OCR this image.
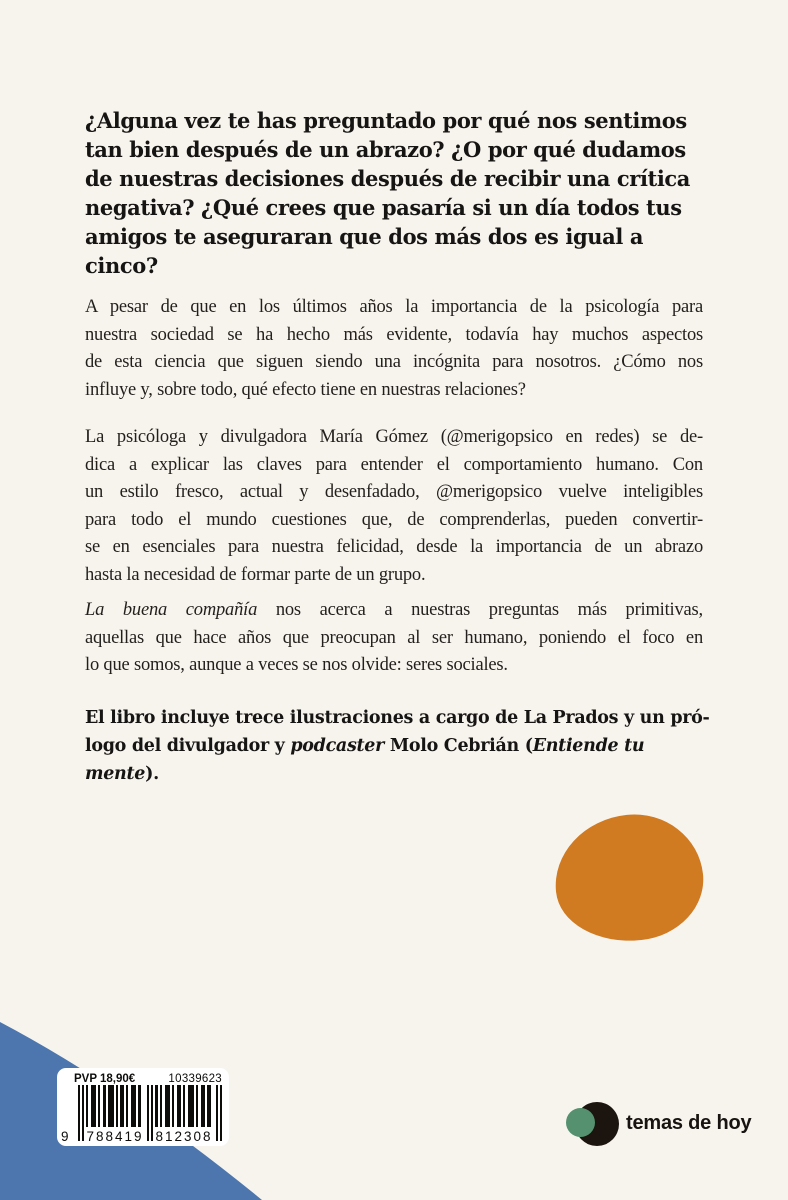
¿Alguna vez te has preguntado por qué nos sentimos
tan bien después de un abrazo? ¿O por qué dudamos
de nuestras decisiones después de recibir una crítica
negativa? ¿Qué crees que pasaría si un día todos tus
amigos te aseguraran que dos más dos es igual a cinco?
A pesar de que en los últimos años la importancia de la psicología para
nuestra sociedad se ha hecho más evidente, todavía hay muchos aspectos
de esta ciencia que siguen siendo una incógnita para nosotros. ¿Cómo nos
influye y, sobre todo, qué efecto tiene en nuestras relaciones?
La psicóloga y divulgadora María Gómez (@merigopsico en redes) se de-
dica a explicar las claves para entender el comportamiento humano. Con
un estilo fresco, actual y desenfadado, @merigopsico vuelve inteligibles
para todo el mundo cuestiones que, de comprenderlas, pueden convertir-
se en esenciales para nuestra felicidad, desde la importancia de un abrazo
hasta la necesidad de formar parte de un grupo.
La buena compañía nos acerca a nuestras preguntas más primitivas,
aquellas que hace años que preocupan al ser humano, poniendo el foco en
lo que somos, aunque a veces se nos olvide: seres sociales.
El libro incluye trece ilustraciones a cargo de La Prados y un pró-
logo del divulgador y podcaster Molo Cebrián (Entiende tu mente).
PVP 18,90€	10339623
9 788419 812308
temas de hoy
